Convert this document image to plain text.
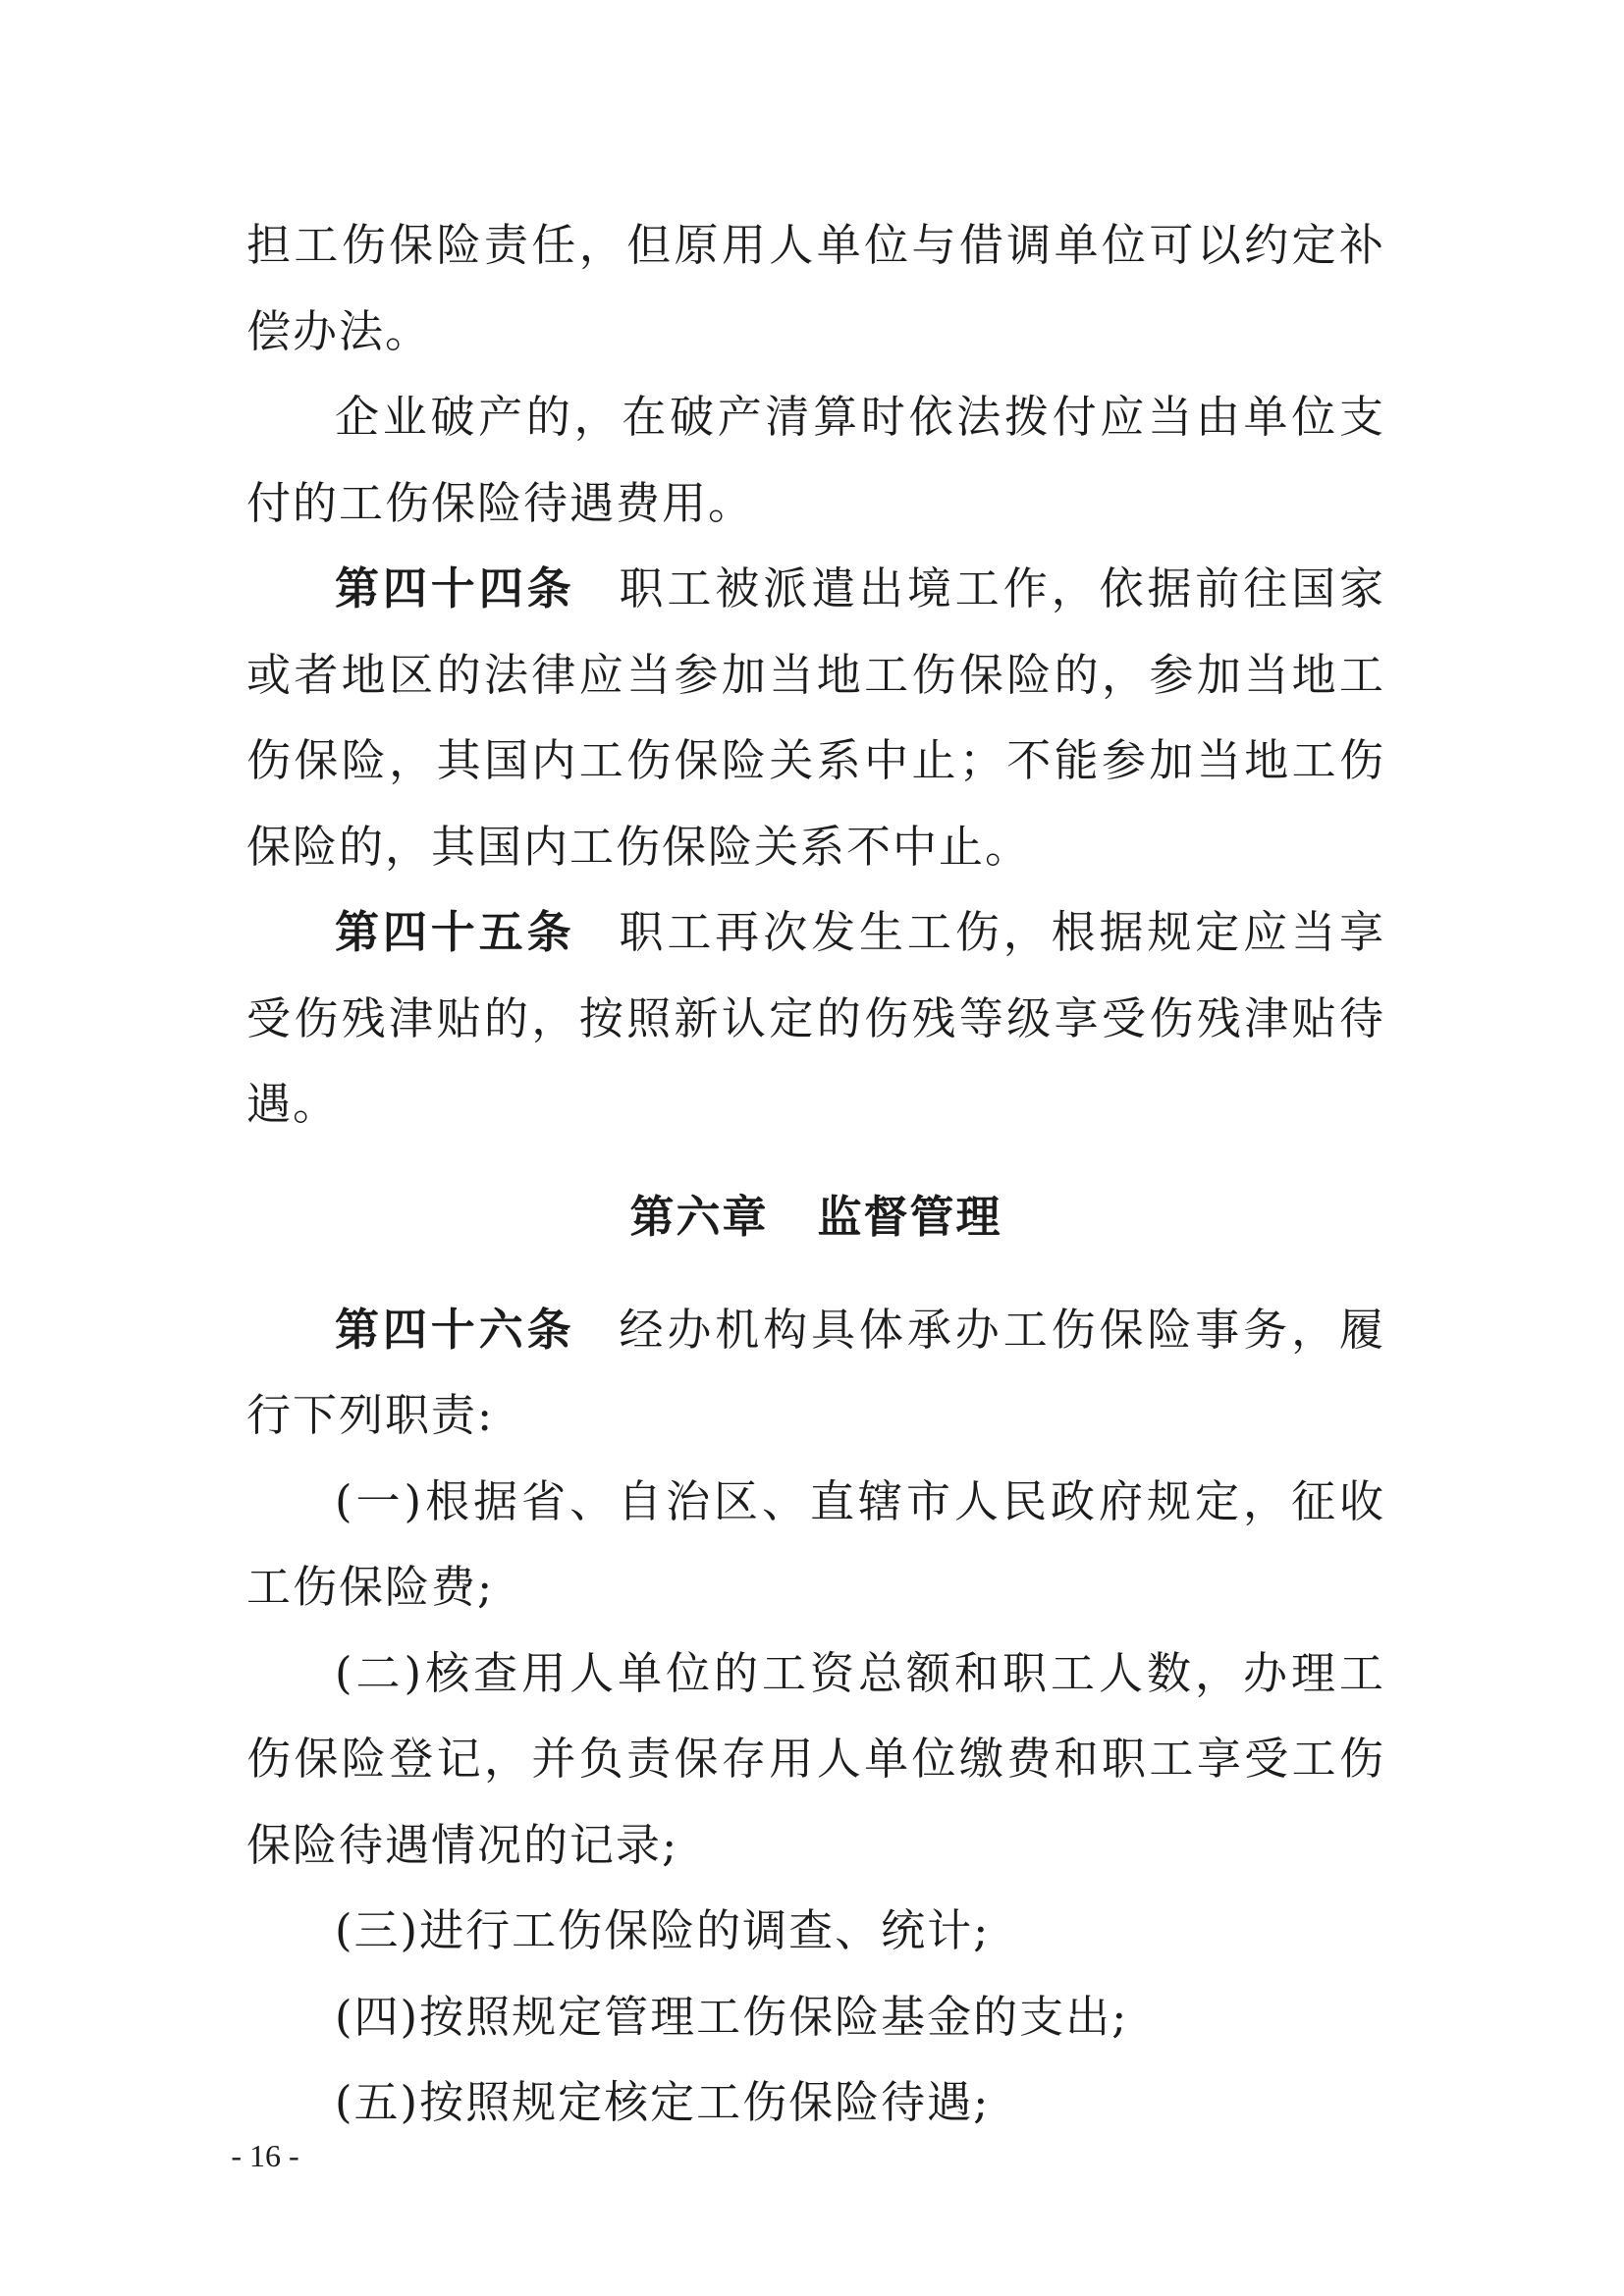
担工伤保险责任，但原用人单位与借调单位可以约定补偿办法。

企业破产的，在破产清算时依法拨付应当由单位支付的工伤保险待遇费用。

第四十四条 职工被派遣出境工作，依据前往国家或者地区的法律应当参加当地工伤保险的，参加当地工伤保险，其国内工伤保险关系中止；不能参加当地工伤保险的，其国内工伤保险关系不中止。

第四十五条 职工再次发生工伤，根据规定应当享受伤残津贴的，按照新认定的伤残等级享受伤残津贴待遇。

第六章 监督管理

第四十六条 经办机构具体承办工伤保险事务，履行下列职责:

(一)根据省、自治区、直辖市人民政府规定，征收工伤保险费;

(二)核查用人单位的工资总额和职工人数，办理工伤保险登记，并负责保存用人单位缴费和职工享受工伤保险待遇情况的记录;

(三)进行工伤保险的调查、统计;

(四)按照规定管理工伤保险基金的支出;

(五)按照规定核定工伤保险待遇;

- 16 -
